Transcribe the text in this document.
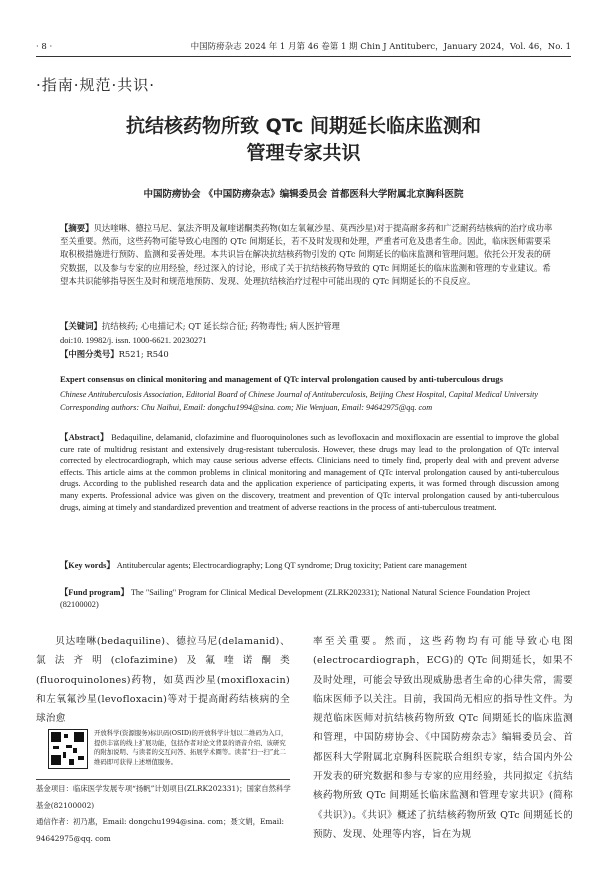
· 8 ·	中国防痨杂志 2024 年 1 月第 46 卷第 1 期 Chin J Antituberc，January 2024，Vol. 46，No. 1
·指南·规范·共识·
抗结核药物所致 QTc 间期延长临床监测和
管理专家共识
中国防痨协会 《中国防痨杂志》编辑委员会 首都医科大学附属北京胸科医院
【摘要】贝达喹啉、德拉马尼、氯法齐明及氟喹诺酮类药物(如左氧氟沙星、莫西沙星)对于提高耐多药和广泛耐药结核病的治疗成功率至关重要。然而，这些药物可能导致心电图的 QTc 间期延长，若不及时发现和处理，严重者可危及患者生命。因此，临床医师需要采取积极措施进行预防、监测和妥善处理。本共识旨在解决抗结核药物引发的 QTc 间期延长的临床监测和管理问题。依托公开发表的研究数据，以及参与专家的应用经验，经过深入的讨论，形成了关于抗结核药物导致的 QTc 间期延长的临床监测和管理的专业建议。希望本共识能够指导医生及时和规范地预防、发现、处理抗结核治疗过程中可能出现的 QTc 间期延长的不良反应。
【关键词】抗结核药; 心电描记术; QT 延长综合征; 药物毒性; 病人医护管理
doi:10. 19982/j. issn. 1000-6621. 20230271
【中图分类号】R521; R540
Expert consensus on clinical monitoring and management of QTc interval prolongation caused by anti-tuberculous drugs
Chinese Antituberculosis Association, Editorial Board of Chinese Journal of Antituberculosis, Beijing Chest Hospital, Capital Medical University
Corresponding authors: Chu Naihui, Email: dongchu1994@sina. com; Nie Wenjuan, Email: 94642975@qq. com
【Abstract】 Bedaquiline, delamanid, clofazimine and fluoroquinolones such as levofloxacin and moxifloxacin are essential to improve the global cure rate of multidrug resistant and extensively drug-resistant tuberculosis. However, these drugs may lead to the prolongation of QTc interval corrected by electrocardiograph, which may cause serious adverse effects. Clinicians need to timely find, properly deal with and prevent adverse effects. This article aims at the common problems in clinical monitoring and management of QTc interval prolongation caused by anti-tuberculous drugs. According to the published research data and the application experience of participating experts, it was formed through discussion among many experts. Professional advice was given on the discovery, treatment and prevention of QTc interval prolongation caused by anti-tuberculous drugs, aiming at timely and standardized prevention and treatment of adverse reactions in the process of anti-tuberculous treatment.
【Key words】 Antitubercular agents; Electrocardiography; Long QT syndrome; Drug toxicity; Patient care management
【Fund program】 The "Sailing" Program for Clinical Medical Development (ZLRK202331); National Natural Science Foundation Project (82100002)
贝达喹啉(bedaquiline)、德拉马尼(delamanid)、氯法齐明(clofazimine)及氟喹诺酮类(fluoroquinolones)药物，如莫西沙星(moxifloxacin)和左氧氟沙星(levofloxacin)等对于提高耐药结核病的全球治愈
率至关重要。然而，这些药物均有可能导致心电图(electrocardiograph，ECG)的 QTc 间期延长，如果不及时处理，可能会导致出现威胁患者生命的心律失常，需要临床医师予以关注。目前，我国尚无相应的指导性文件。为规范临床医师对抗结核药物所致 QTc 间期延长的临床监测和管理，中国防痨协会、《中国防痨杂志》编辑委员会、首都医科大学附属北京胸科医院联合组织专家，结合国内外公开发表的研究数据和参与专家的应用经验，共同拟定《抗结核药物所致 QTc 间期延长临床监测和管理专家共识》(简称《共识》)。《共识》概述了抗结核药物所致 QTc 间期延长的预防、发现、处理等内容，旨在为规
开放科学(资源服务)标识码(OSID)的开放科学计划以二维码为入口，提供丰富的线上扩展功能，包括作者对论文背景的语音介绍、该研究的附加说明、与读者的交互问答、拓展学术圈等。读者“扫一扫”此二维码即可获得上述增值服务。
基金项目：临床医学发展专项“扬帆”计划项目(ZLRK202331)；国家自然科学基金(82100002)
通信作者：初乃惠，Email: dongchu1994@sina. com；聂文娟，Email: 94642975@qq. com
